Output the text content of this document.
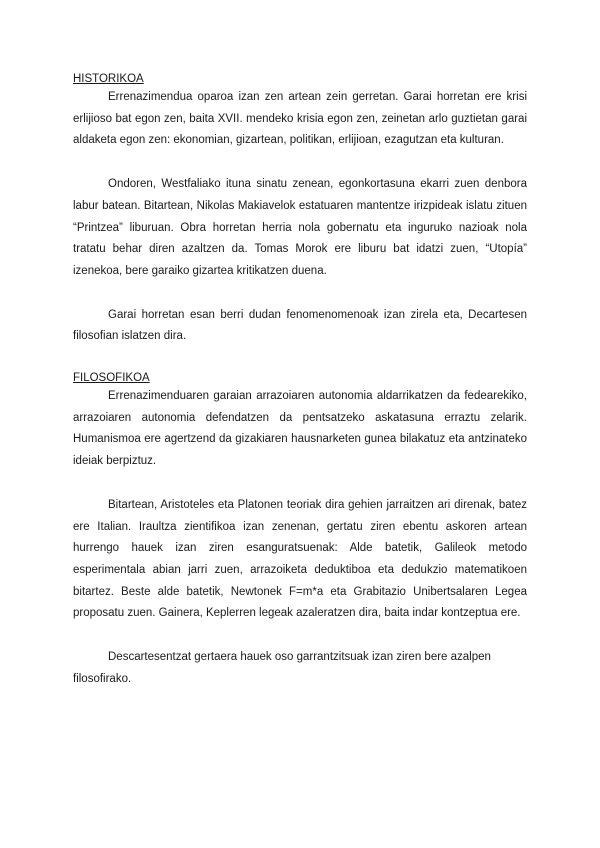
HISTORIKOA

Errenazimendua oparoa izan zen artean zein gerretan. Garai horretan ere krisi erlijioso bat egon zen, baita XVII. mendeko krisia egon zen, zeinetan arlo guztietan garai aldaketa egon zen: ekonomian, gizartean, politikan, erlijioan, ezagutzan eta kulturan.

Ondoren, Westfaliako ituna sinatu zenean, egonkortasuna ekarri zuen denbora labur batean. Bitartean, Nikolas Makiavelok estatuaren mantentze irizpideak islatu zituen “Printzea” liburuan. Obra horretan herria nola gobernatu eta inguruko nazioak nola tratatu behar diren azaltzen da. Tomas Morok ere liburu bat idatzi zuen, “Utopía” izenekoa, bere garaiko gizartea kritikatzen duena.

Garai horretan esan berri dudan fenomenomenoak izan zirela eta, Decartesen filosofian islatzen dira.

FILOSOFIKOA

Errenazimenduaren garaian arrazoiaren autonomia aldarrikatzen da fedearekiko, arrazoiaren autonomia defendatzen da pentsatzeko askatasuna erraztu zelarik. Humanismoa ere agertzend da gizakiaren hausnarketen gunea bilakatuz eta antzinateko ideiak berpiztuz.

Bitartean, Aristoteles eta Platonen teoriak dira gehien jarraitzen ari direnak, batez ere Italian. Iraultza zientifikoa izan zenenan, gertatu ziren ebentu askoren artean hurrengo hauek izan ziren esanguratsuenak: Alde batetik, Galileok metodo esperimentala abian jarri zuen, arrazoiketa deduktiboa eta dedukzio matematikoen bitartez. Beste alde batetik, Newtonek F=m*a eta Grabitazio Unibertsalaren Legea proposatu zuen. Gainera, Keplerren legeak azaleratzen dira, baita indar kontzeptua ere.

Descartesentzat gertaera hauek oso garrantzitsuak izan ziren bere azalpen filosofirako.
